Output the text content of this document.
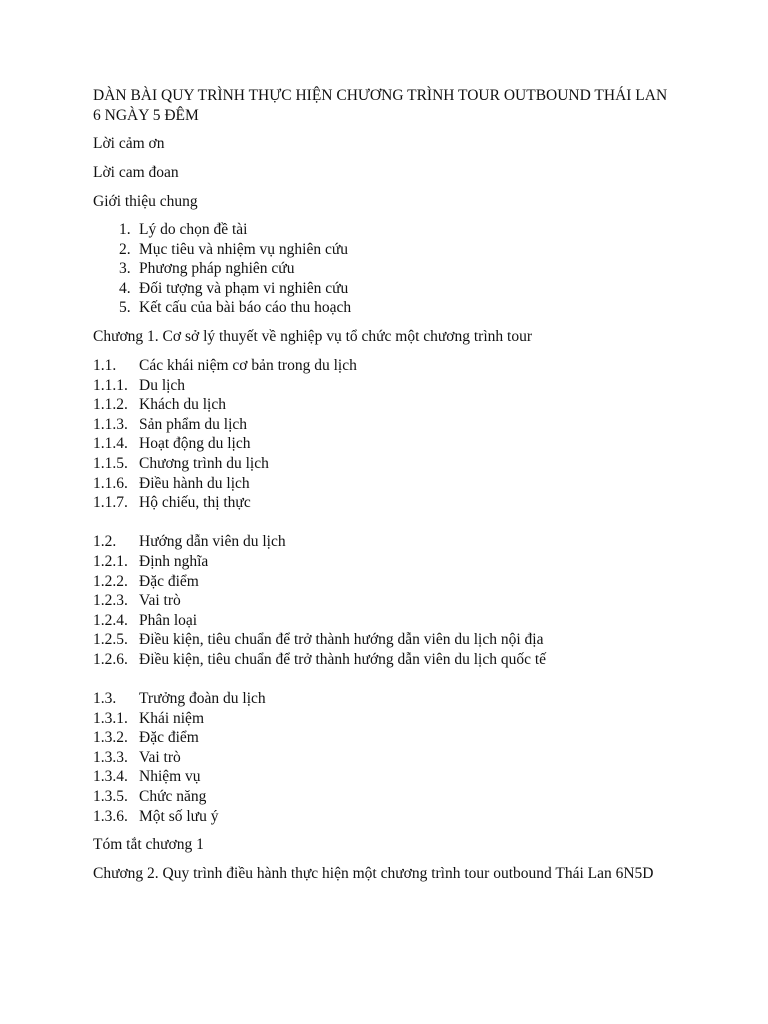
DÀN BÀI QUY TRÌNH THỰC HIỆN CHƯƠNG TRÌNH TOUR OUTBOUND THÁI LAN 6 NGÀY 5 ĐÊM

Lời cảm ơn

Lời cam đoan

Giới thiệu chung

1. Lý do chọn đề tài
2. Mục tiêu và nhiệm vụ nghiên cứu
3. Phương pháp nghiên cứu
4. Đối tượng và phạm vi nghiên cứu
5. Kết cấu của bài báo cáo thu hoạch

Chương 1. Cơ sở lý thuyết về nghiệp vụ tổ chức một chương trình tour

1.1.	Các khái niệm cơ bản trong du lịch
1.1.1. Du lịch
1.1.2. Khách du lịch
1.1.3. Sản phẩm du lịch
1.1.4. Hoạt động du lịch
1.1.5. Chương trình du lịch
1.1.6. Điều hành du lịch
1.1.7. Hộ chiếu, thị thực
1.2.	Hướng dẫn viên du lịch
1.2.1. Định nghĩa
1.2.2. Đặc điểm
1.2.3. Vai trò
1.2.4. Phân loại
1.2.5. Điều kiện, tiêu chuẩn để trở thành hướng dẫn viên du lịch nội địa
1.2.6. Điều kiện, tiêu chuẩn để trở thành hướng dẫn viên du lịch quốc tế
1.3.	Trưởng đoàn du lịch
1.3.1. Khái niệm
1.3.2. Đặc điểm
1.3.3. Vai trò
1.3.4. Nhiệm vụ
1.3.5. Chức năng
1.3.6. Một số lưu ý

Tóm tắt chương 1

Chương 2. Quy trình điều hành thực hiện một chương trình tour outbound Thái Lan 6N5D
